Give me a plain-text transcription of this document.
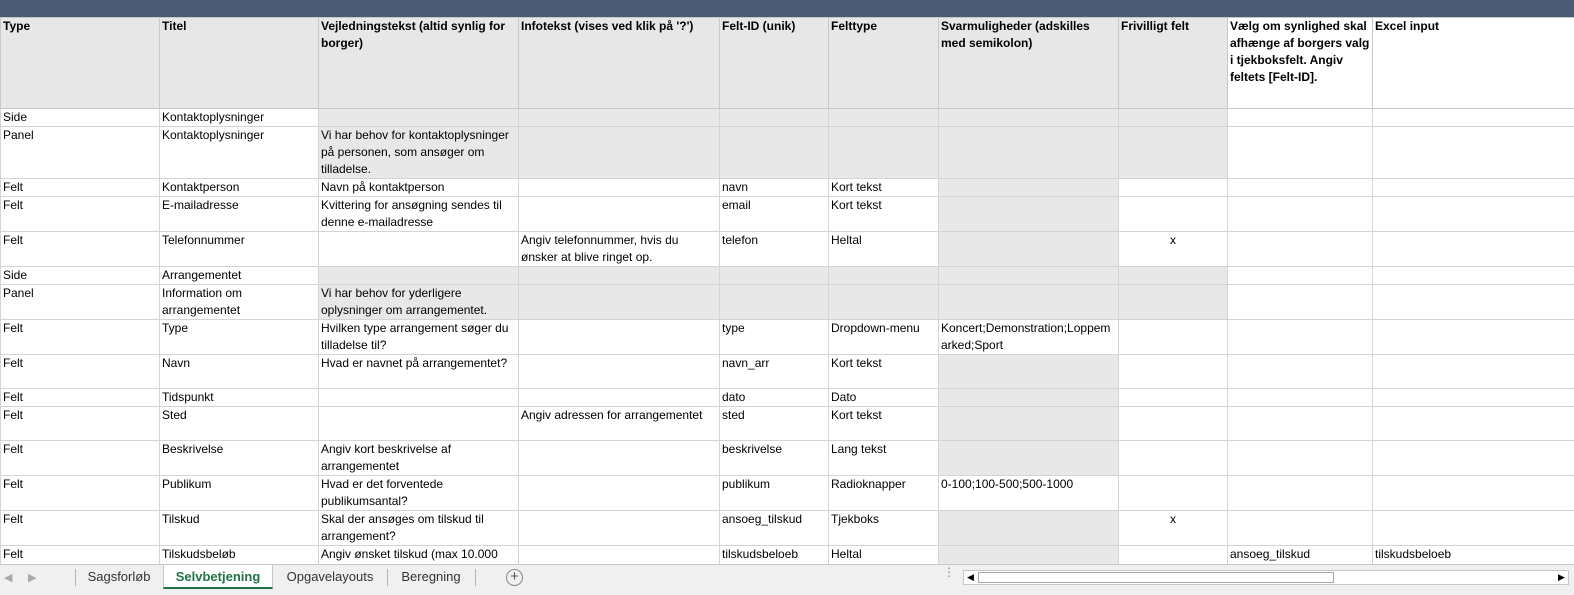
Type	Titel	Vejledningstekst (altid synlig for borger)	Infotekst (vises ved klik på '?')	Felt-ID (unik)	Felttype	Svarmuligheder (adskilles med semikolon)	Frivilligt felt	Vælg om synlighed skal afhænge af borgers valg i tjekboksfelt. Angiv feltets [Felt-ID].	Excel input
Side	Kontaktoplysninger								
Panel	Kontaktoplysninger	Vi har behov for kontaktoplysninger på personen, som ansøger om tilladelse.							
Felt	Kontaktperson	Navn på kontaktperson		navn	Kort tekst				
Felt	E-mailadresse	Kvittering for ansøgning sendes til denne e-mailadresse		email	Kort tekst				
Felt	Telefonnummer		Angiv telefonnummer, hvis du ønsker at blive ringet op.	telefon	Heltal		x		
Side	Arrangementet								
Panel	Information om arrangementet	Vi har behov for yderligere oplysninger om arrangementet.							
Felt	Type	Hvilken type arrangement søger du tilladelse til?		type	Dropdown-menu	Koncert;Demonstration;Loppemarked;Sport			
Felt	Navn	Hvad er navnet på arrangementet?		navn_arr	Kort tekst				
Felt	Tidspunkt			dato	Dato				
Felt	Sted		Angiv adressen for arrangementet	sted	Kort tekst				
Felt	Beskrivelse	Angiv kort beskrivelse af arrangementet		beskrivelse	Lang tekst				
Felt	Publikum	Hvad er det forventede publikumsantal?		publikum	Radioknapper	0-100;100-500;500-1000			
Felt	Tilskud	Skal der ansøges om tilskud til arrangement?		ansoeg_tilskud	Tjekboks		x		
Felt	Tilskudsbeløb	Angiv ønsket tilskud (max 10.000		tilskudsbeloeb	Heltal			ansoeg_tilskud	tilskudsbeloeb
◀ ▶	Sagsforløb	Selvbetjening	Opgavelayouts	Beregning	+	⋮	◀	▶
